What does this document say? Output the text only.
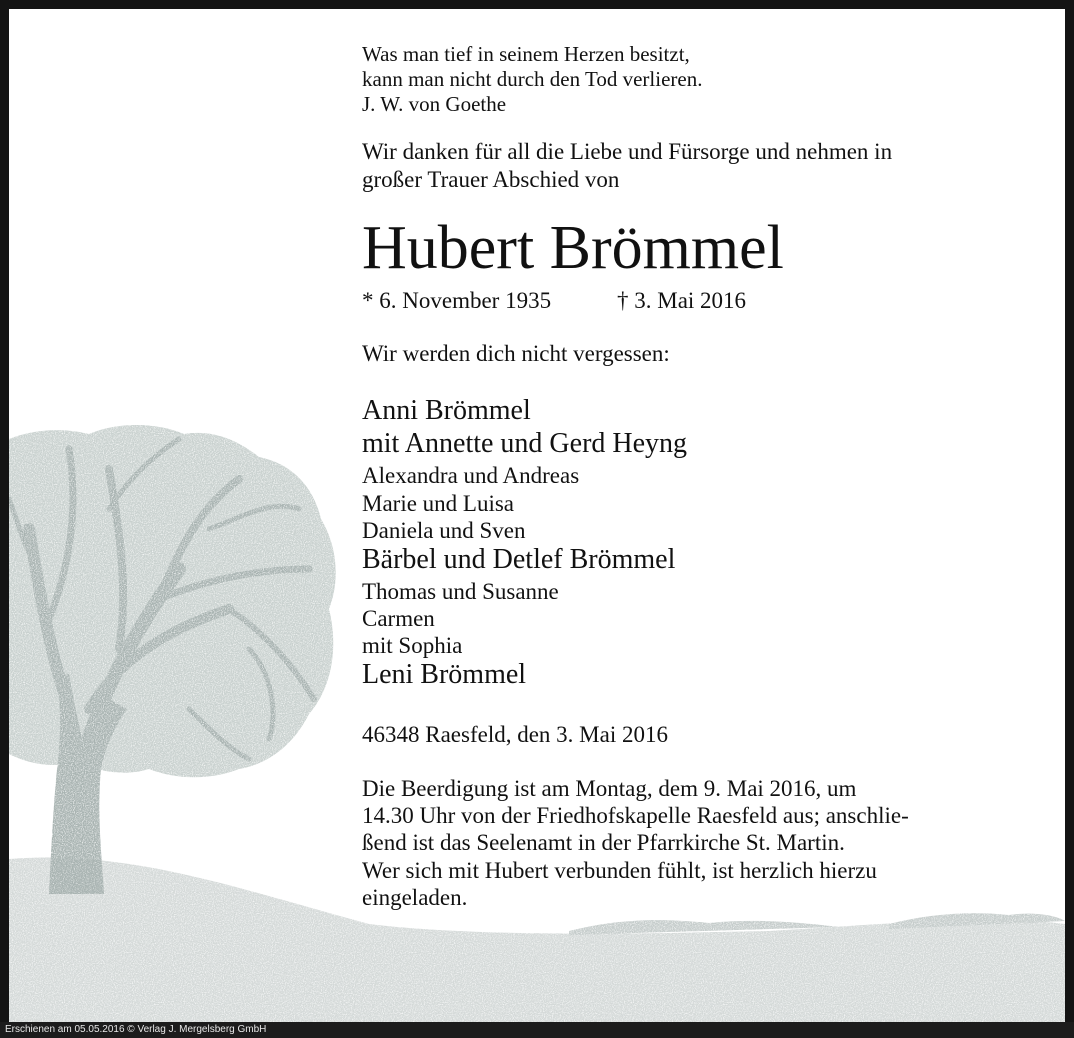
Was man tief in seinem Herzen besitzt,
kann man nicht durch den Tod verlieren.
J. W. von Goethe
Wir danken für all die Liebe und Fürsorge und nehmen in
großer Trauer Abschied von
Hubert Brömmel
* 6. November 1935	† 3. Mai 2016
Wir werden dich nicht vergessen:
Anni Brömmel
mit Annette und Gerd Heyng
Alexandra und Andreas
Marie und Luisa
Daniela und Sven
Bärbel und Detlef Brömmel
Thomas und Susanne
Carmen
mit Sophia
Leni Brömmel
46348 Raesfeld, den 3. Mai 2016
Die Beerdigung ist am Montag, dem 9. Mai 2016, um
14.30 Uhr von der Friedhofskapelle Raesfeld aus; anschlie-
ßend ist das Seelenamt in der Pfarrkirche St. Martin.
Wer sich mit Hubert verbunden fühlt, ist herzlich hierzu
eingeladen.
Erschienen am 05.05.2016 © Verlag J. Mergelsberg GmbH
